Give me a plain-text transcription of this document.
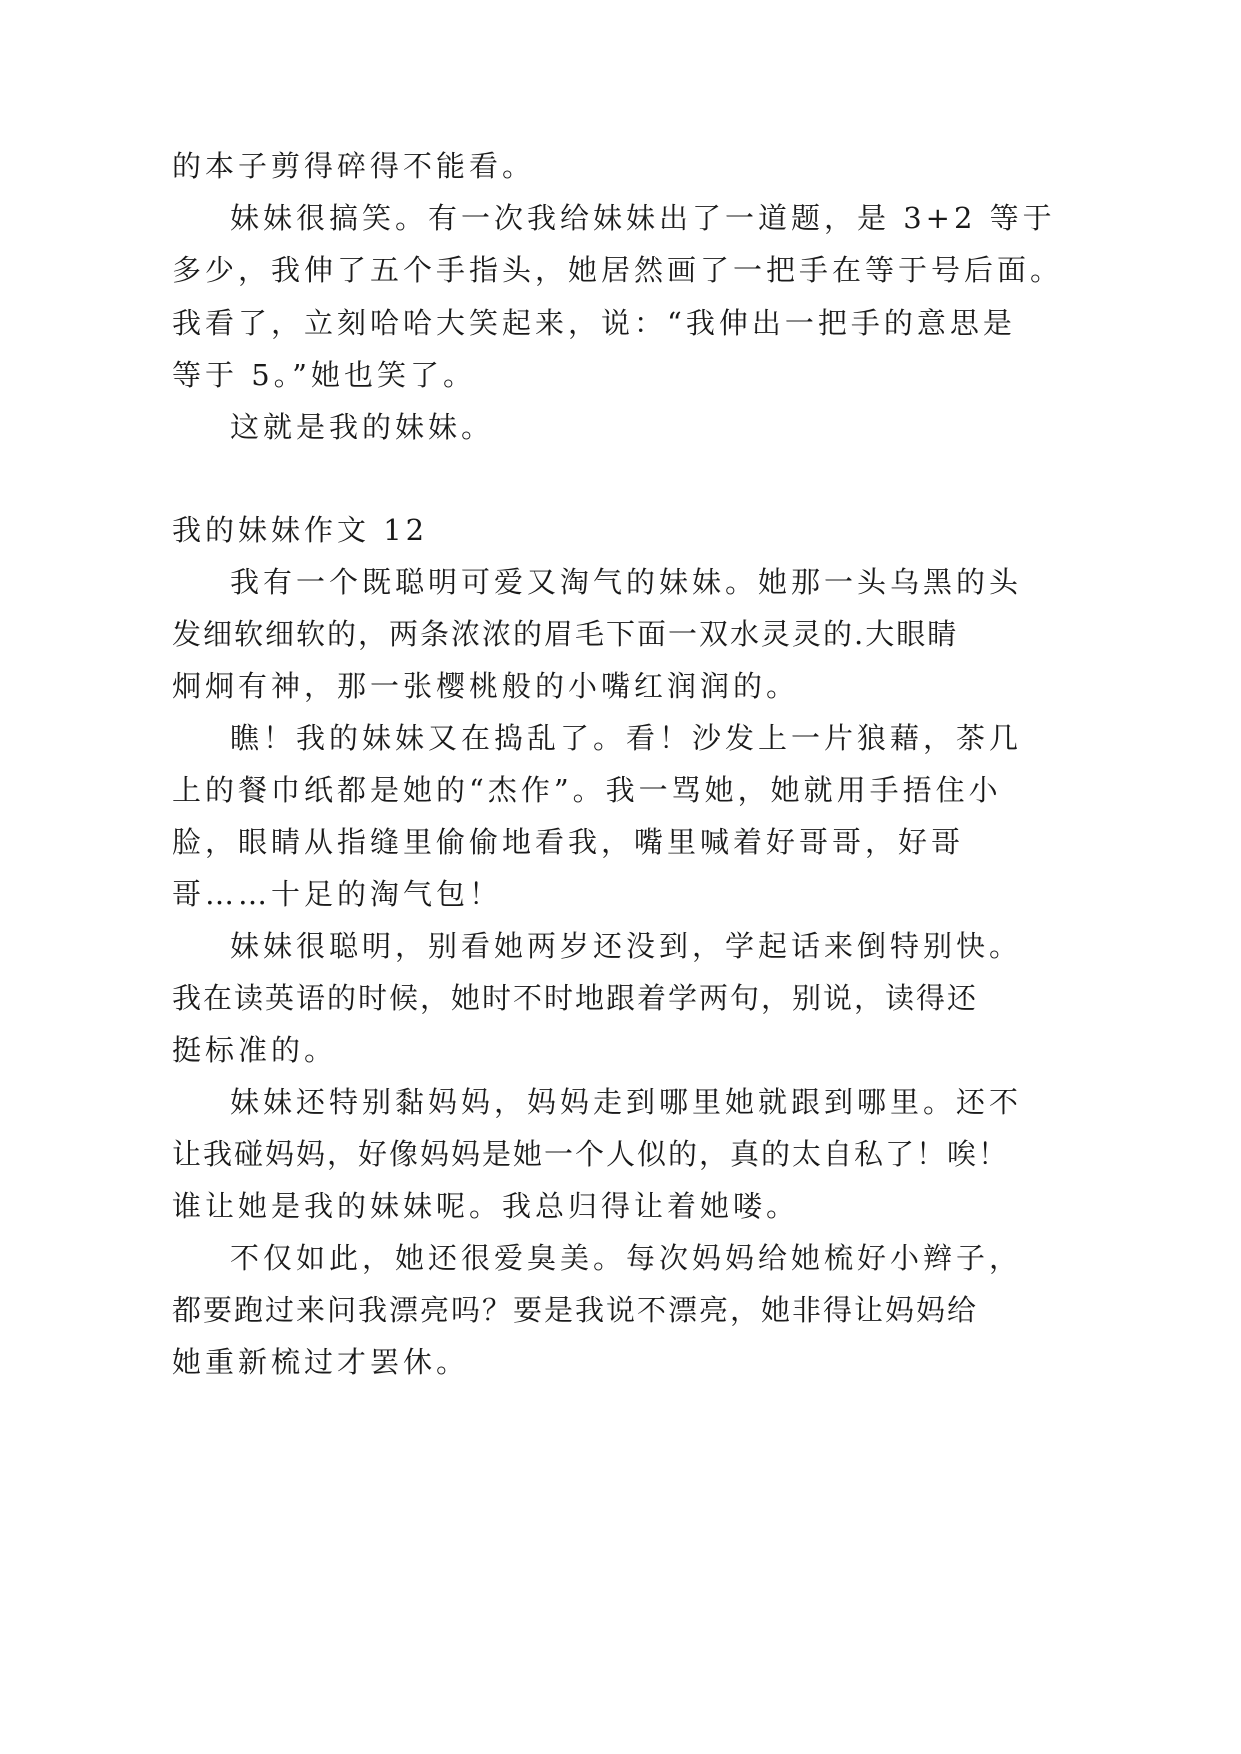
的本子剪得碎得不能看。
妹妹很搞笑。有一次我给妹妹出了一道题，是 3+2 等于
多少，我伸了五个手指头，她居然画了一把手在等于号后面。
我看了，立刻哈哈大笑起来，说：“我伸出一把手的意思是
等于 5。”她也笑了。
这就是我的妹妹。
我的妹妹作文 12
我有一个既聪明可爱又淘气的妹妹。她那一头乌黑的头
发细软细软的，两条浓浓的眉毛下面一双水灵灵的.大眼睛
炯炯有神，那一张樱桃般的小嘴红润润的。
瞧！我的妹妹又在捣乱了。看！沙发上一片狼藉，茶几
上的餐巾纸都是她的“杰作”。我一骂她，她就用手捂住小
脸，眼睛从指缝里偷偷地看我，嘴里喊着好哥哥，好哥
哥……十足的淘气包！
妹妹很聪明，别看她两岁还没到，学起话来倒特别快。
我在读英语的时候，她时不时地跟着学两句，别说，读得还
挺标准的。
妹妹还特别黏妈妈，妈妈走到哪里她就跟到哪里。还不
让我碰妈妈，好像妈妈是她一个人似的，真的太自私了！唉！
谁让她是我的妹妹呢。我总归得让着她喽。
不仅如此，她还很爱臭美。每次妈妈给她梳好小辫子，
都要跑过来问我漂亮吗？要是我说不漂亮，她非得让妈妈给
她重新梳过才罢休。
